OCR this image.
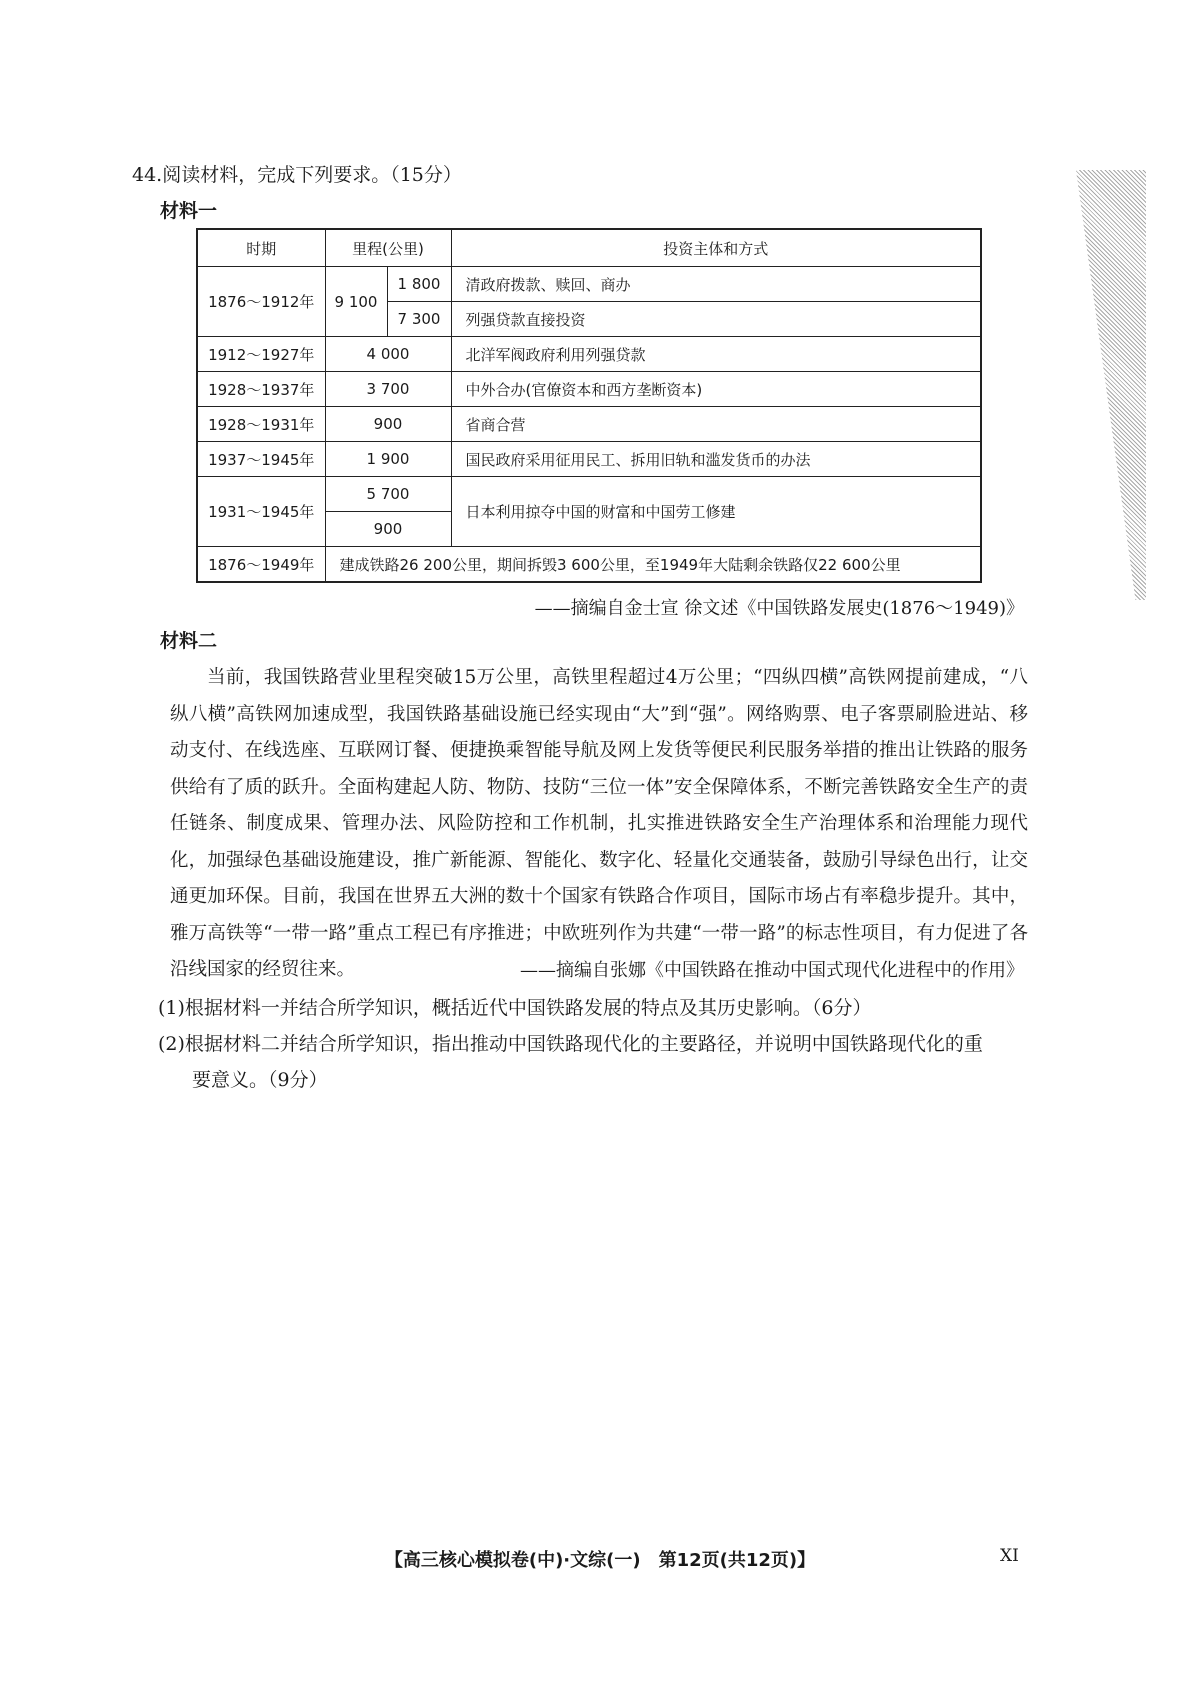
44.阅读材料，完成下列要求。（15分）
材料一
时期	里程(公里)		投资主体和方式
1876～1912年	9 100	1 800	清政府拨款、赎回、商办
		7 300	列强贷款直接投资
1912～1927年	4 000		北洋军阀政府利用列强贷款
1928～1937年	3 700		中外合办(官僚资本和西方垄断资本)
1928～1931年	900		省商合营
1937～1945年	1 900		国民政府采用征用民工、拆用旧轨和滥发货币的办法
1931～1945年	5 700		日本利用掠夺中国的财富和中国劳工修建
	900		
1876～1949年	建成铁路26 200公里，期间拆毁3 600公里，至1949年大陆剩余铁路仅22 600公里		
——摘编自金士宣 徐文述《中国铁路发展史(1876～1949)》
材料二
当前，我国铁路营业里程突破15万公里，高铁里程超过4万公里；“四纵四横”高铁网提前建成，“八纵八横”高铁网加速成型，我国铁路基础设施已经实现由“大”到“强”。网络购票、电子客票刷脸进站、移动支付、在线选座、互联网订餐、便捷换乘智能导航及网上发货等便民利民服务举措的推出让铁路的服务供给有了质的跃升。全面构建起人防、物防、技防“三位一体”安全保障体系，不断完善铁路安全生产的责任链条、制度成果、管理办法、风险防控和工作机制，扎实推进铁路安全生产治理体系和治理能力现代化，加强绿色基础设施建设，推广新能源、智能化、数字化、轻量化交通装备，鼓励引导绿色出行，让交通更加环保。目前，我国在世界五大洲的数十个国家有铁路合作项目，国际市场占有率稳步提升。其中，雅万高铁等“一带一路”重点工程已有序推进；中欧班列作为共建“一带一路”的标志性项目，有力促进了各沿线国家的经贸往来。	——摘编自张娜《中国铁路在推动中国式现代化进程中的作用》
(1)根据材料一并结合所学知识，概括近代中国铁路发展的特点及其历史影响。（6分）
(2)根据材料二并结合所学知识，指出推动中国铁路现代化的主要路径，并说明中国铁路现代化的重
要意义。（9分）
【高三核心模拟卷(中)·文综(一)　第12页(共12页)】	XI
